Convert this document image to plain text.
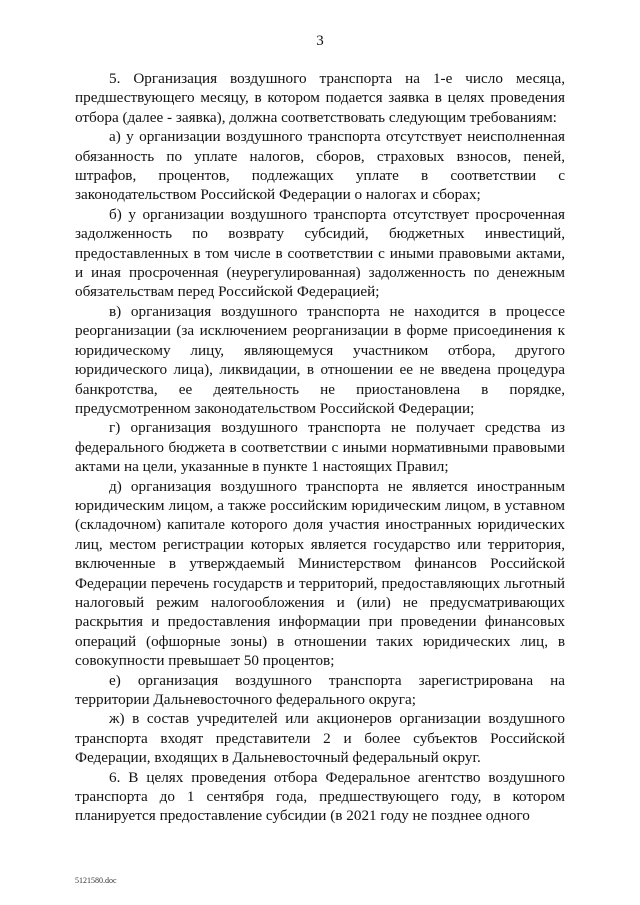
3

5. Организация воздушного транспорта на 1-е число месяца, предшествующего месяцу, в котором подается заявка в целях проведения отбора (далее - заявка), должна соответствовать следующим требованиям:

а) у организации воздушного транспорта отсутствует неисполненная обязанность по уплате налогов, сборов, страховых взносов, пеней, штрафов, процентов, подлежащих уплате в соответствии с законодательством Российской Федерации о налогах и сборах;

б) у организации воздушного транспорта отсутствует просроченная задолженность по возврату субсидий, бюджетных инвестиций, предоставленных в том числе в соответствии с иными правовыми актами, и иная просроченная (неурегулированная) задолженность по денежным обязательствам перед Российской Федерацией;

в) организация воздушного транспорта не находится в процессе реорганизации (за исключением реорганизации в форме присоединения к юридическому лицу, являющемуся участником отбора, другого юридического лица), ликвидации, в отношении ее не введена процедура банкротства, ее деятельность не приостановлена в порядке, предусмотренном законодательством Российской Федерации;

г) организация воздушного транспорта не получает средства из федерального бюджета в соответствии с иными нормативными правовыми актами на цели, указанные в пункте 1 настоящих Правил;

д) организация воздушного транспорта не является иностранным юридическим лицом, а также российским юридическим лицом, в уставном (складочном) капитале которого доля участия иностранных юридических лиц, местом регистрации которых является государство или территория, включенные в утверждаемый Министерством финансов Российской Федерации перечень государств и территорий, предоставляющих льготный налоговый режим налогообложения и (или) не предусматривающих раскрытия и предоставления информации при проведении финансовых операций (офшорные зоны) в отношении таких юридических лиц, в совокупности превышает 50 процентов;

е) организация воздушного транспорта зарегистрирована на территории Дальневосточного федерального округа;

ж) в состав учредителей или акционеров организации воздушного транспорта входят представители 2 и более субъектов Российской Федерации, входящих в Дальневосточный федеральный округ.

6. В целях проведения отбора Федеральное агентство воздушного транспорта до 1 сентября года, предшествующего году, в котором планируется предоставление субсидии (в 2021 году не позднее одного

5121580.doc
